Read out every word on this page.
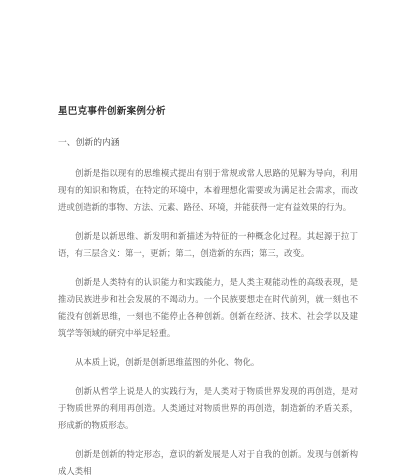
星巴克事件创新案例分析
一、创新的内涵

创新是指以现有的思维模式提出有别于常规或常人思路的见解为导向，利用现有的知识和物质，在特定的环境中，本着理想化需要或为满足社会需求，而改进或创造新的事物、方法、元素、路径、环境，并能获得一定有益效果的行为。

创新是以新思维、新发明和新描述为特征的一种概念化过程。其起源于拉丁语，有三层含义：第一，更新；第二，创造新的东西；第三，改变。

创新是人类特有的认识能力和实践能力，是人类主观能动性的高级表现，是推动民族进步和社会发展的不竭动力。一个民族要想走在时代前列，就一刻也不能没有创新思维，一刻也不能停止各种创新。创新在经济、技术、社会学以及建筑学等领域的研究中举足轻重。

从本质上说，创新是创新思维蓝图的外化、物化。

创新从哲学上说是人的实践行为，是人类对于物质世界发现的再创造，是对于物质世界的利用再创造。人类通过对物质世界的再创造，制造新的矛盾关系，形成新的物质形态。

创新是创新的特定形态，意识的新发展是人对于自我的创新。发现与创新构成人类相
